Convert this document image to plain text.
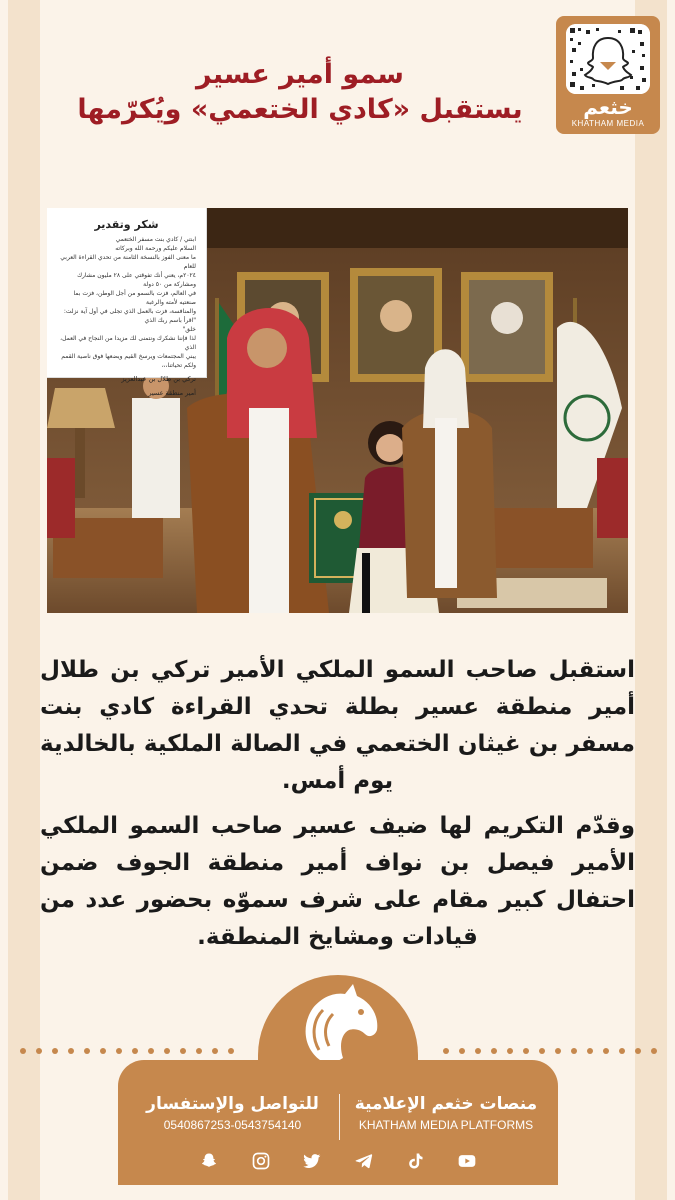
خثعم
KHATHAM MEDIA
سمو أمير عسير
يستقبل «كادي الختعمي» ويُكرّمها
شكر وتقدير
ابنتي / كادي بنت مسفر الختعمي
السلام عليكم ورحمة الله وبركاته
ما معنى الفوز بالنسخة الثامنة من تحدي القراءة العربي للعام
٢٠٢٤م، يعني أنك تفوقتي على ٢٨ مليون مشارك ومشاركة من ٥٠ دولة
في العالم، فزت بالسمو من أجل الوطن، فزت بما صنعتيه لأمته والرغبة
والمنافسة، فزت بالعمل الذي تجلى في أول آية نزلت: "اقرأ باسم ربك الذي
خلق"
لذا فإننا نشكرك ونتمنى لك مزيدا من النجاح في العمل، الذي
يبني المجتمعات ويرسخ القيم ويضعها فوق ناصية القمم
ولكم تحياتنا،،،
تركي بن طلال بن عبدالعزيز
أمير منطقة عسير
استقبل صاحب السمو الملكي الأمير تركي بن طلال أمير منطقة عسير بطلة تحدي القراءة كادي بنت مسفر بن غيثان الختعمي في الصالة الملكية بالخالدية يوم أمس.
وقدّم التكريم لها ضيف عسير صاحب السمو الملكي الأمير فيصل بن نواف أمير منطقة الجوف ضمن احتفال كبير مقام على شرف سموّه بحضور عدد من قيادات ومشايخ المنطقة.
للتواصل والإستفسار
0540867253-0543754140
منصات خثعم الإعلامية
KHATHAM MEDIA PLATFORMS
